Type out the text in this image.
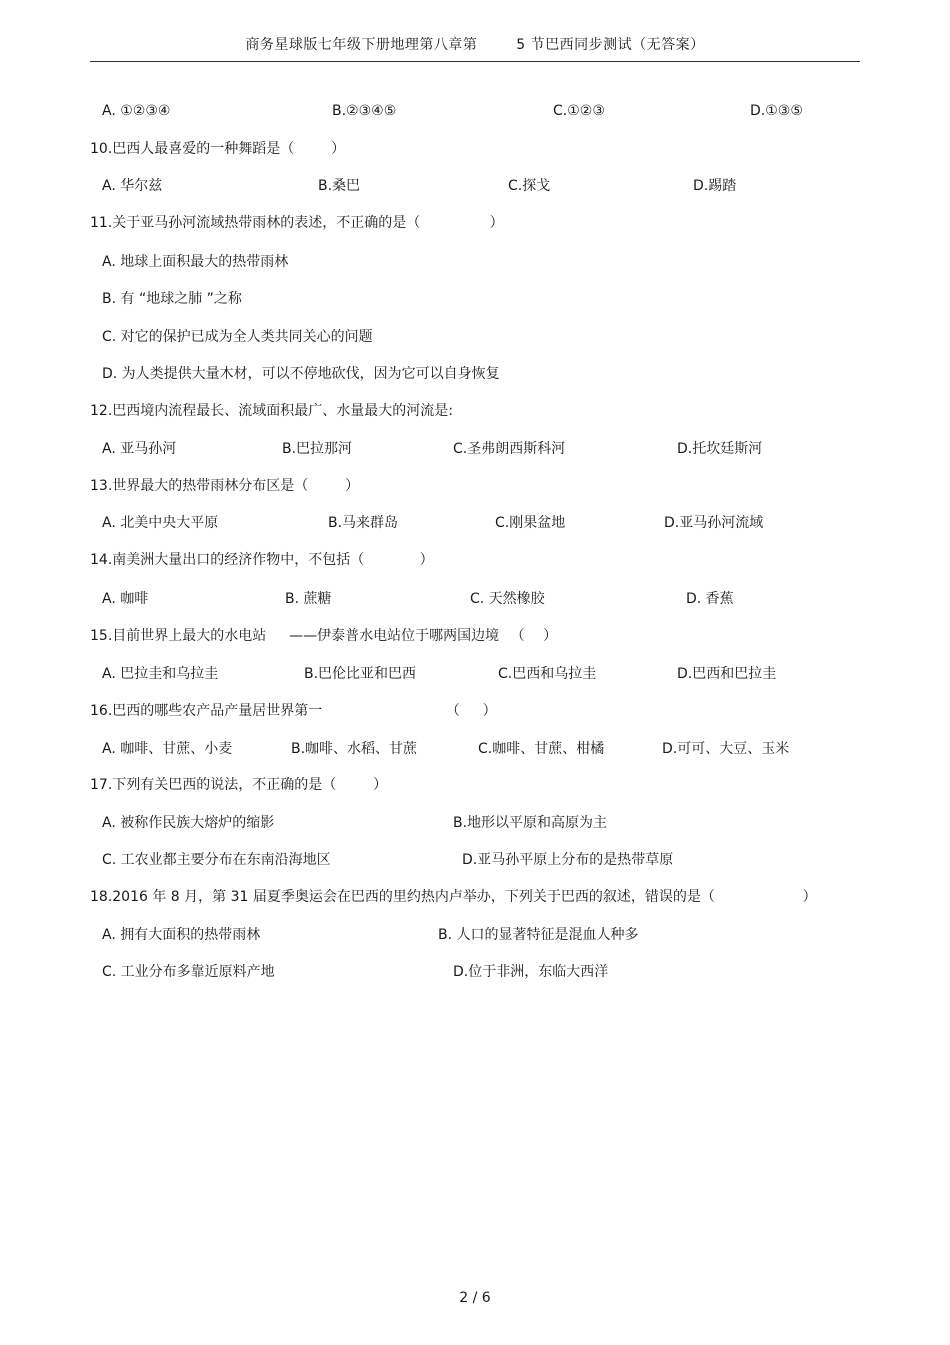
商务星球版七年级下册地理第八章第 　　 5 节巴西同步测试（无答案）
A. ①②③④	B.②③④⑤	C.①②③	D.①③⑤
10.巴西人最喜爱的一种舞蹈是（ 　　 ）
A. 华尔兹	B.桑巴	C.探戈	D.踢踏
11.关于亚马孙河流域热带雨林的表述，不正确的是（ 　　 　　 ）
A. 地球上面积最大的热带雨林
B. 有 “地球之肺 ”之称
C. 对它的保护已成为全人类共同关心的问题
D. 为人类提供大量木材，可以不停地砍伐，因为它可以自身恢复
12.巴西境内流程最长、流域面积最广、水量最大的河流是:
A. 亚马孙河	B.巴拉那河	C.圣弗朗西斯科河	D.托坎廷斯河
13.世界最大的热带雨林分布区是（ 　　 ）
A. 北美中央大平原	B.马来群岛	C.刚果盆地	D.亚马孙河流域
14.南美洲大量出口的经济作物中，不包括（ 　　 　 ）
A. 咖啡	B. 蔗糖	C. 天然橡胶	D. 香蕉
15.目前世界上最大的水电站 　 ——伊泰普水电站位于哪两国边境 　（ 　）
A. 巴拉圭和乌拉圭	B.巴伦比亚和巴西	C.巴西和乌拉圭	D.巴西和巴拉圭
16.巴西的哪些农产品产量居世界第一 　　　　　　　　　（ 　 ）
A. 咖啡、甘蔗、小麦	B.咖啡、水稻、甘蔗	C.咖啡、甘蔗、柑橘	D.可可、大豆、玉米
17.下列有关巴西的说法，不正确的是（ 　　 ）
A. 被称作民族大熔炉的缩影	B.地形以平原和高原为主
C. 工农业都主要分布在东南沿海地区	D.亚马孙平原上分布的是热带草原
18.2016 年 8 月，第 31 届夏季奥运会在巴西的里约热内卢举办，下列关于巴西的叙述，错误的是（ 　　 　　 　 ）
A. 拥有大面积的热带雨林	B. 人口的显著特征是混血人种多
C. 工业分布多靠近原料产地	D.位于非洲，东临大西洋
2 / 6
